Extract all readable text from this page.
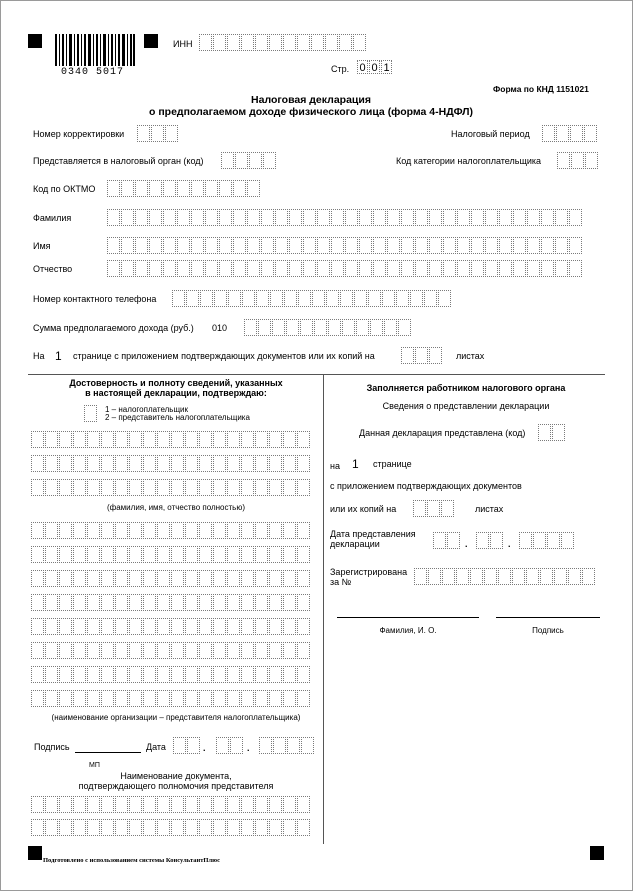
0340 5017
ИНН
Стр. 0 0 1
Форма по КНД 1151021
Налоговая декларация
о предполагаемом доходе физического лица (форма 4-НДФЛ)
Номер корректировки	Налоговый период
Представляется в налоговый орган (код)	Код категории налогоплательщика
Код по ОКТМО
Фамилия
Имя
Отчество
Номер контактного телефона
Сумма предполагаемого дохода (руб.) 010
На 1 странице с приложением подтверждающих документов или их копий на	листах
Достоверность и полноту сведений, указанных
в настоящей декларации, подтверждаю:
1 – налогоплательщик
2 – представитель налогоплательщика
(фамилия, имя, отчество полностью)
(наименование организации – представителя налогоплательщика)
Подпись	Дата	.	.
МП
Наименование документа,
подтверждающего полномочия представителя
Заполняется работником налогового органа
Сведения о представлении декларации
Данная декларация представлена (код)
на 1 странице
с приложением подтверждающих документов
или их копий на	листах
Дата представления
декларации	.	.
Зарегистрирована
за №
Фамилия, И. О.	Подпись
Подготовлено с использованием системы КонсультантПлюс
